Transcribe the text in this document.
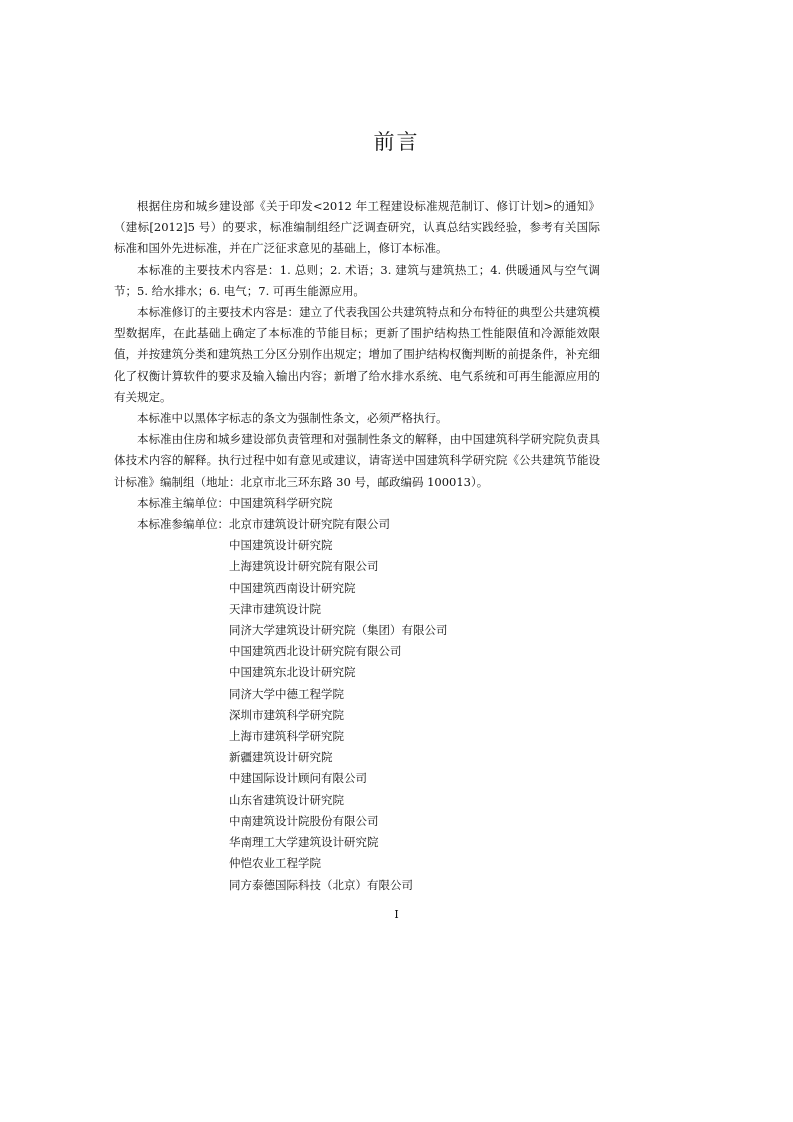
前言

根据住房和城乡建设部《关于印发<2012 年工程建设标准规范制订、修订计划>的通知》（建标[2012]5 号）的要求，标准编制组经广泛调查研究，认真总结实践经验，参考有关国际标准和国外先进标准，并在广泛征求意见的基础上，修订本标准。

本标准的主要技术内容是：1. 总则；2. 术语；3. 建筑与建筑热工；4. 供暖通风与空气调节；5. 给水排水；6. 电气；7. 可再生能源应用。

本标准修订的主要技术内容是：建立了代表我国公共建筑特点和分布特征的典型公共建筑模型数据库，在此基础上确定了本标准的节能目标；更新了围护结构热工性能限值和冷源能效限值，并按建筑分类和建筑热工分区分别作出规定；增加了围护结构权衡判断的前提条件，补充细化了权衡计算软件的要求及输入输出内容；新增了给水排水系统、电气系统和可再生能源应用的有关规定。

本标准中以黑体字标志的条文为强制性条文，必须严格执行。

本标准由住房和城乡建设部负责管理和对强制性条文的解释，由中国建筑科学研究院负责具体技术内容的解释。执行过程中如有意见或建议，请寄送中国建筑科学研究院《公共建筑节能设计标准》编制组（地址：北京市北三环东路 30 号，邮政编码 100013）。

本标准主编单位：中国建筑科学研究院

本标准参编单位： 北京市建筑设计研究院有限公司
中国建筑设计研究院
上海建筑设计研究院有限公司
中国建筑西南设计研究院
天津市建筑设计院
同济大学建筑设计研究院（集团）有限公司
中国建筑西北设计研究院有限公司
中国建筑东北设计研究院
同济大学中德工程学院
深圳市建筑科学研究院
上海市建筑科学研究院
新疆建筑设计研究院
中建国际设计顾问有限公司
山东省建筑设计研究院
中南建筑设计院股份有限公司
华南理工大学建筑设计研究院
仲恺农业工程学院
同方泰德国际科技（北京）有限公司

I
